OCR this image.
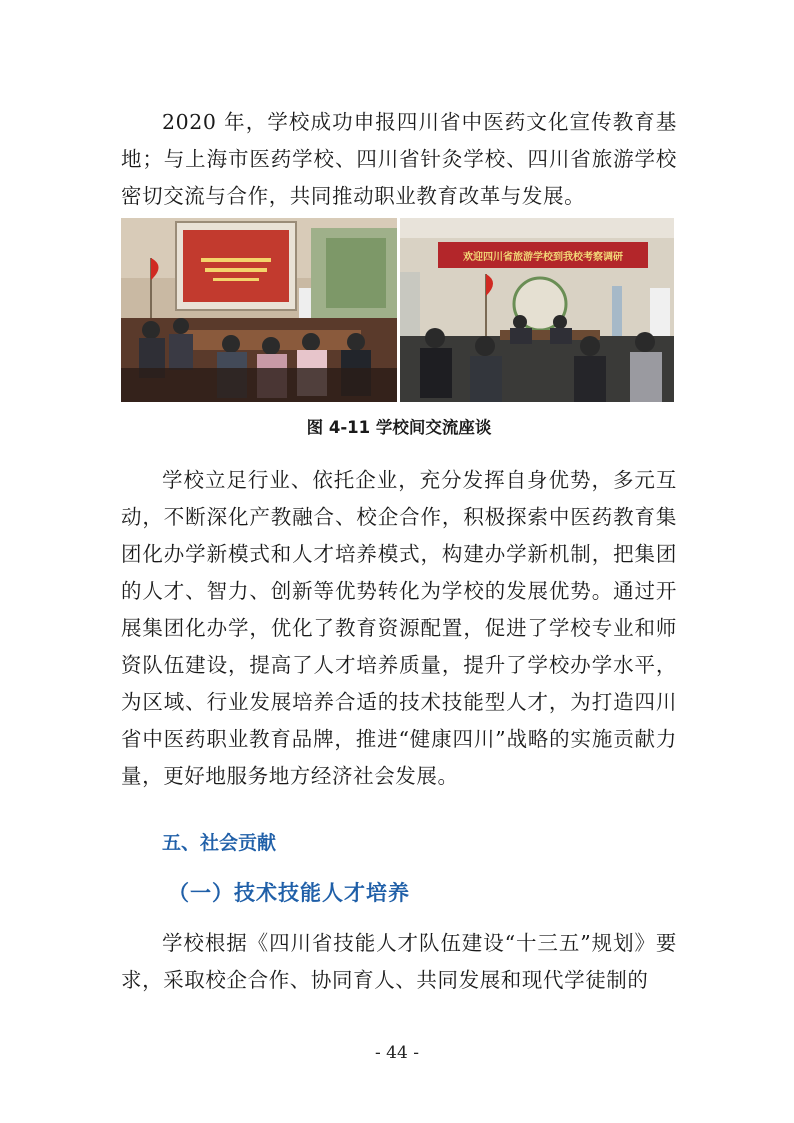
2020 年，学校成功申报四川省中医药文化宣传教育基地；与上海市医药学校、四川省针灸学校、四川省旅游学校密切交流与合作，共同推动职业教育改革与发展。

欢迎四川省旅游学校到我校考察调研
图 4-11 学校间交流座谈

学校立足行业、依托企业，充分发挥自身优势，多元互动，不断深化产教融合、校企合作，积极探索中医药教育集团化办学新模式和人才培养模式，构建办学新机制，把集团的人才、智力、创新等优势转化为学校的发展优势。通过开展集团化办学，优化了教育资源配置，促进了学校专业和师资队伍建设，提高了人才培养质量，提升了学校办学水平，为区域、行业发展培养合适的技术技能型人才，为打造四川省中医药职业教育品牌，推进“健康四川”战略的实施贡献力量，更好地服务地方经济社会发展。

五、社会贡献
（一）技术技能人才培养

学校根据《四川省技能人才队伍建设“十三五”规划》要求，采取校企合作、协同育人、共同发展和现代学徒制的

- 44 -
